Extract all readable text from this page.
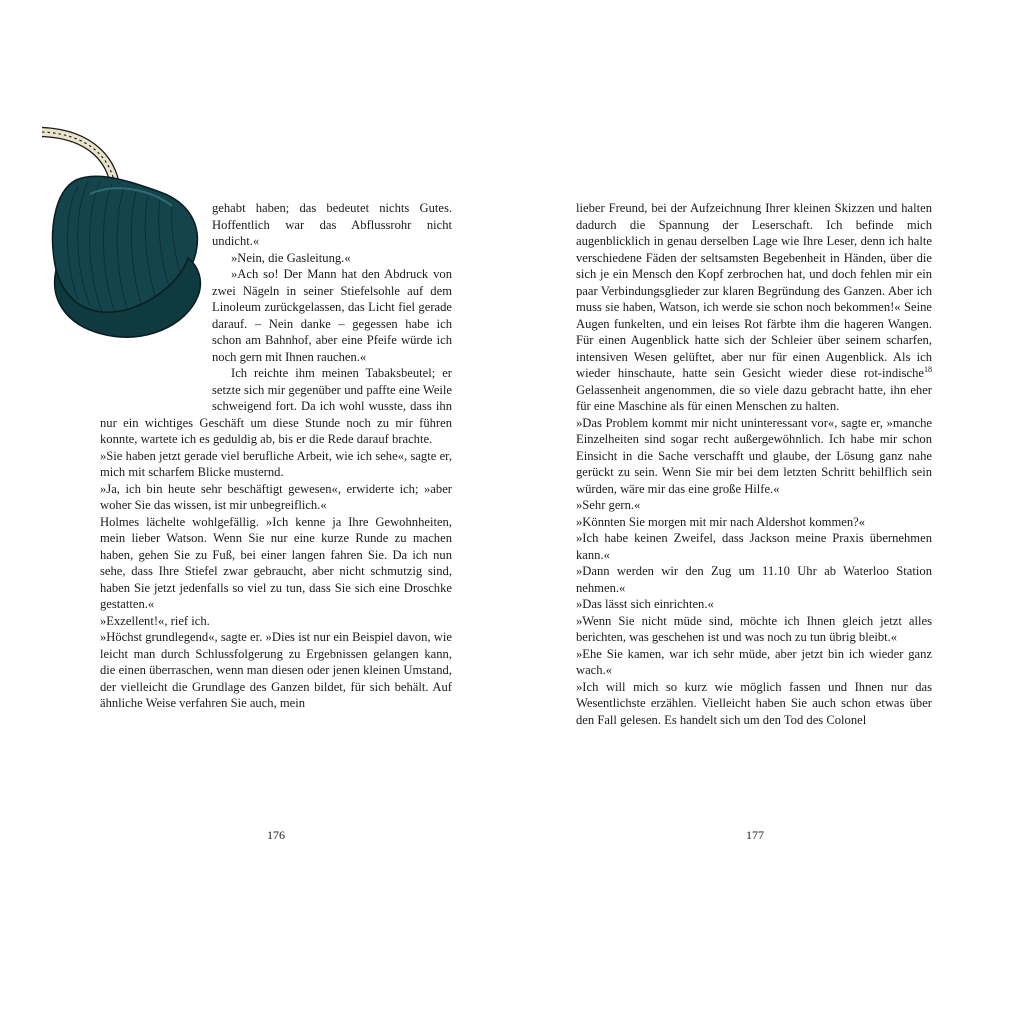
gehabt haben; das bedeutet nichts Gutes. Hoffentlich war das Abflussrohr nicht undicht.«

»Nein, die Gasleitung.«

»Ach so! Der Mann hat den Abdruck von zwei Nägeln in seiner Stiefelsohle auf dem Linoleum zurückgelassen, das Licht fiel gerade darauf. – Nein danke – gegessen habe ich schon am Bahnhof, aber eine Pfeife würde ich noch gern mit Ihnen rauchen.«

Ich reichte ihm meinen Tabaksbeutel; er setzte sich mir gegenüber und paffte eine Weile schweigend fort. Da ich wohl wusste, dass ihn nur ein wichtiges Geschäft um diese Stunde noch zu mir führen konnte, wartete ich es geduldig ab, bis er die Rede darauf brachte.

»Sie haben jetzt gerade viel berufliche Arbeit, wie ich sehe«, sagte er, mich mit scharfem Blicke musternd.

»Ja, ich bin heute sehr beschäftigt gewesen«, erwiderte ich; »aber woher Sie das wissen, ist mir unbegreiflich.«

Holmes lächelte wohlgefällig. »Ich kenne ja Ihre Gewohnheiten, mein lieber Watson. Wenn Sie nur eine kurze Runde zu machen haben, gehen Sie zu Fuß, bei einer langen fahren Sie. Da ich nun sehe, dass Ihre Stiefel zwar gebraucht, aber nicht schmutzig sind, haben Sie jetzt jedenfalls so viel zu tun, dass Sie sich eine Droschke gestatten.«

»Exzellent!«, rief ich.

»Höchst grundlegend«, sagte er. »Dies ist nur ein Beispiel davon, wie leicht man durch Schlussfolgerung zu Ergebnissen gelangen kann, die einen überraschen, wenn man diesen oder jenen kleinen Umstand, der vielleicht die Grundlage des Ganzen bildet, für sich behält. Auf ähnliche Weise verfahren Sie auch, mein

176

lieber Freund, bei der Aufzeichnung Ihrer kleinen Skizzen und halten dadurch die Spannung der Leserschaft. Ich befinde mich augenblicklich in genau derselben Lage wie Ihre Leser, denn ich halte verschiedene Fäden der seltsamsten Begebenheit in Händen, über die sich je ein Mensch den Kopf zerbrochen hat, und doch fehlen mir ein paar Verbindungsglieder zur klaren Begründung des Ganzen. Aber ich muss sie haben, Watson, ich werde sie schon noch bekommen!« Seine Augen funkelten, und ein leises Rot färbte ihm die hageren Wangen. Für einen Augenblick hatte sich der Schleier über seinem scharfen, intensiven Wesen gelüftet, aber nur für einen Augenblick. Als ich wieder hinschaute, hatte sein Gesicht wieder diese rot-indische$^{18}$ Gelassenheit angenommen, die so viele dazu gebracht hatte, ihn eher für eine Maschine als für einen Menschen zu halten.

»Das Problem kommt mir nicht uninteressant vor«, sagte er, »manche Einzelheiten sind sogar recht außergewöhnlich. Ich habe mir schon Einsicht in die Sache verschafft und glaube, der Lösung ganz nahe gerückt zu sein. Wenn Sie mir bei dem letzten Schritt behilflich sein würden, wäre mir das eine große Hilfe.«

»Sehr gern.«

»Könnten Sie morgen mit mir nach Aldershot kommen?«

»Ich habe keinen Zweifel, dass Jackson meine Praxis übernehmen kann.«

»Dann werden wir den Zug um 11.10 Uhr ab Waterloo Station nehmen.«

»Das lässt sich einrichten.«

»Wenn Sie nicht müde sind, möchte ich Ihnen gleich jetzt alles berichten, was geschehen ist und was noch zu tun übrig bleibt.«

»Ehe Sie kamen, war ich sehr müde, aber jetzt bin ich wieder ganz wach.«

»Ich will mich so kurz wie möglich fassen und Ihnen nur das Wesentlichste erzählen. Vielleicht haben Sie auch schon etwas über den Fall gelesen. Es handelt sich um den Tod des Colonel

177
